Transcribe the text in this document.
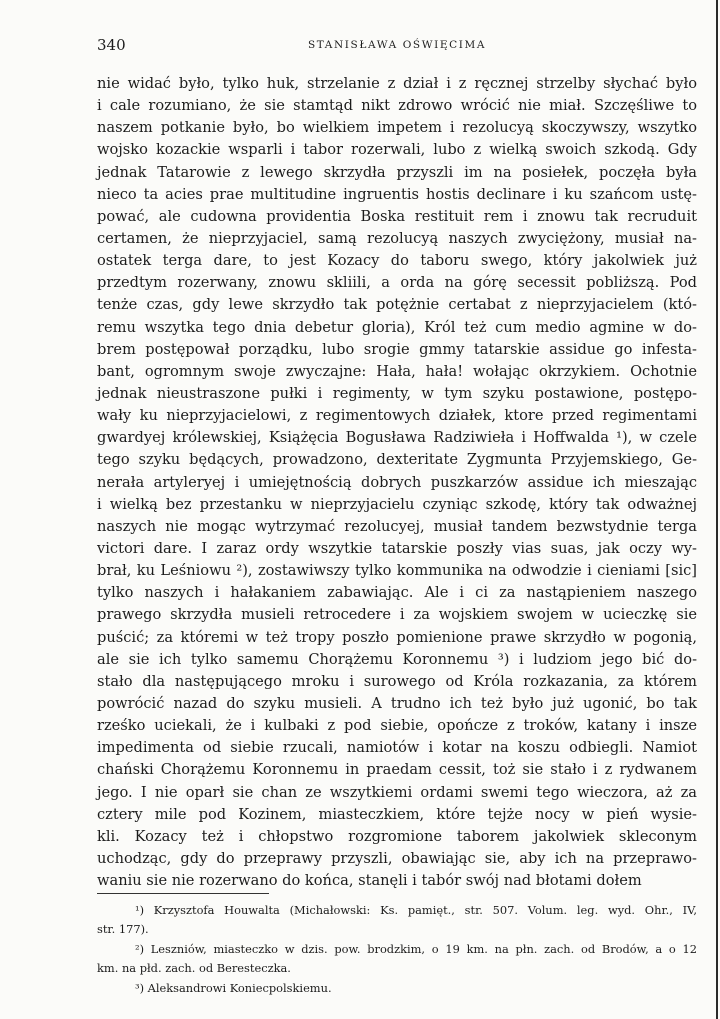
340	STANISŁAWA OŚWIĘCIMA
nie widać było, tylko huk, strzelanie z dział i z ręcznej strzelby słychać było
i cale rozumiano, że sie stamtąd nikt zdrowo wrócić nie miał. Szczęśliwe to
naszem potkanie było, bo wielkiem impetem i rezolucyą skoczywszy, wszytko
wojsko kozackie wsparli i tabor rozerwali, lubo z wielką swoich szkodą. Gdy
jednak Tatarowie z lewego skrzydła przyszli im na posiełek, poczęła była
nieco ta acies prae multitudine ingruentis hostis declinare i ku szańcom ustę-
pować, ale cudowna providentia Boska restituit rem i znowu tak recruduit
certamen, że nieprzyjaciel, samą rezolucyą naszych zwyciężony, musiał na-
ostatek terga dare, to jest Kozacy do taboru swego, który jakolwiek już
przedtym rozerwany, znowu skliili, a orda na górę secessit pobliższą. Pod
tenże czas, gdy lewe skrzydło tak potężnie certabat z nieprzyjacielem (któ-
remu wszytka tego dnia debetur gloria), Król też cum medio agmine w do-
brem postępował porządku, lubo srogie gmmy tatarskie assidue go infesta-
bant, ogromnym swoje zwyczajne: Hała, hała! wołając okrzykiem. Ochotnie
jednak nieustraszone pułki i regimenty, w tym szyku postawione, postępo-
wały ku nieprzyjacielowi, z regimentowych działek, ktore przed regimentami
gwardyej królewskiej, Książęcia Bogusława Radziwieła i Hoffwalda ¹), w czele
tego szyku będących, prowadzono, dexteritate Zygmunta Przyjemskiego, Ge-
nerała artyleryej i umiejętnością dobrych puszkarzów assidue ich mieszając
i wielką bez przestanku w nieprzyjacielu czyniąc szkodę, który tak odważnej
naszych nie mogąc wytrzymać rezolucyej, musiał tandem bezwstydnie terga
victori dare. I zaraz ordy wszytkie tatarskie poszły vias suas, jak oczy wy-
brał, ku Leśniowu ²), zostawiwszy tylko kommunika na odwodzie i cieniami [sic]
tylko naszych i hałakaniem zabawiając. Ale i ci za nastąpieniem naszego
prawego skrzydła musieli retrocedere i za wojskiem swojem w ucieczkę sie
puścić; za któremi w też tropy poszło pomienione prawe skrzydło w pogonią,
ale sie ich tylko samemu Chorążemu Koronnemu ³) i ludziom jego bić do-
stało dla następującego mroku i surowego od Króla rozkazania, za którem
powrócić nazad do szyku musieli. A trudno ich też było już ugonić, bo tak
rześko uciekali, że i kulbaki z pod siebie, opończe z troków, katany i insze
impedimenta od siebie rzucali, namiotów i kotar na koszu odbiegli. Namiot
chański Chorążemu Koronnemu in praedam cessit, toż sie stało i z rydwanem
jego. I nie oparł sie chan ze wszytkiemi ordami swemi tego wieczora, aż za
cztery mile pod Kozinem, miasteczkiem, które tejże nocy w pień wysie-
kli. Kozacy też i chłopstwo rozgromione taborem jakolwiek skleconym
uchodząc, gdy do przeprawy przyszli, obawiając sie, aby ich na przeprawo-
waniu sie nie rozerwano do końca, stanęli i tabór swój nad błotami dołem
¹) Krzysztofa Houwalta (Michałowski: Ks. pamięt., str. 507. Volum. leg. wyd. Ohr., IV,
str. 177).
²) Leszniów, miasteczko w dzis. pow. brodzkim, o 19 km. na płn. zach. od Brodów, a o 12
km. na płd. zach. od Beresteczka.
³) Aleksandrowi Koniecpolskiemu.
